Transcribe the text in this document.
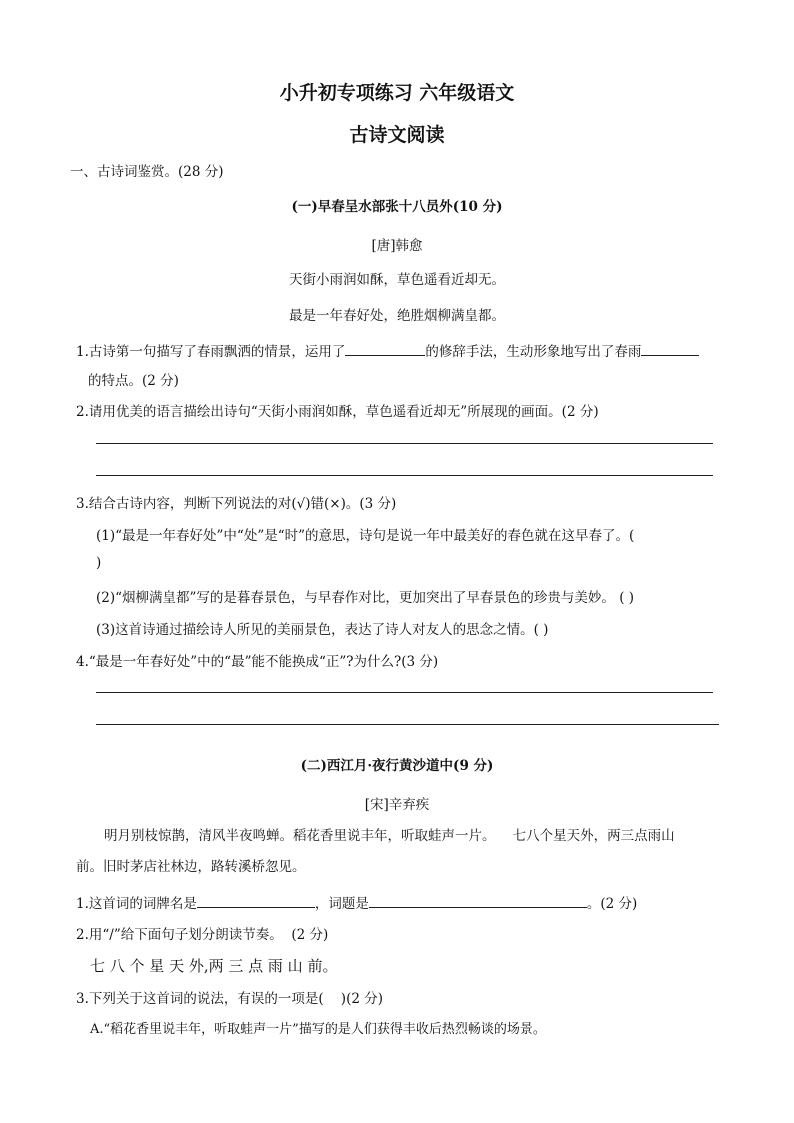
小升初专项练习 六年级语文
古诗文阅读
一、古诗词鉴赏。(28 分)
(一)早春呈水部张十八员外(10 分)
[唐]韩愈
天街小雨润如酥，草色遥看近却无。
最是一年春好处，绝胜烟柳满皇都。
1.古诗第一句描写了春雨飘洒的情景，运用了	的修辞手法，生动形象地写出了春雨
的特点。(2 分)
2.请用优美的语言描绘出诗句“天街小雨润如酥，草色遥看近却无”所展现的画面。(2 分)
3.结合古诗内容，判断下列说法的对(√)错(×)。(3 分)
(1)“最是一年春好处”中“处”是“时”的意思，诗句是说一年中最美好的春色就在这早春了。(
)
(2)“烟柳满皇都”写的是暮春景色，与早春作对比，更加突出了早春景色的珍贵与美妙。 ( )
(3)这首诗通过描绘诗人所见的美丽景色，表达了诗人对友人的思念之情。( )
4.“最是一年春好处”中的“最”能不能换成“正”?为什么?(3 分)
(二)西江月·夜行黄沙道中(9 分)
[宋]辛弃疾
明月别枝惊鹊，清风半夜鸣蝉。稻花香里说丰年，听取蛙声一片。    七八个星天外，两三点雨山
前。旧时茅店社林边，路转溪桥忽见。
1.这首词的词牌名是	，词题是	。(2 分)
2.用“/”给下面句子划分朗读节奏。  (2 分)
七 八 个 星 天 外,两 三 点 雨 山 前。
3.下列关于这首词的说法，有误的一项是(    )(2 分)
A.“稻花香里说丰年，听取蛙声一片”描写的是人们获得丰收后热烈畅谈的场景。
